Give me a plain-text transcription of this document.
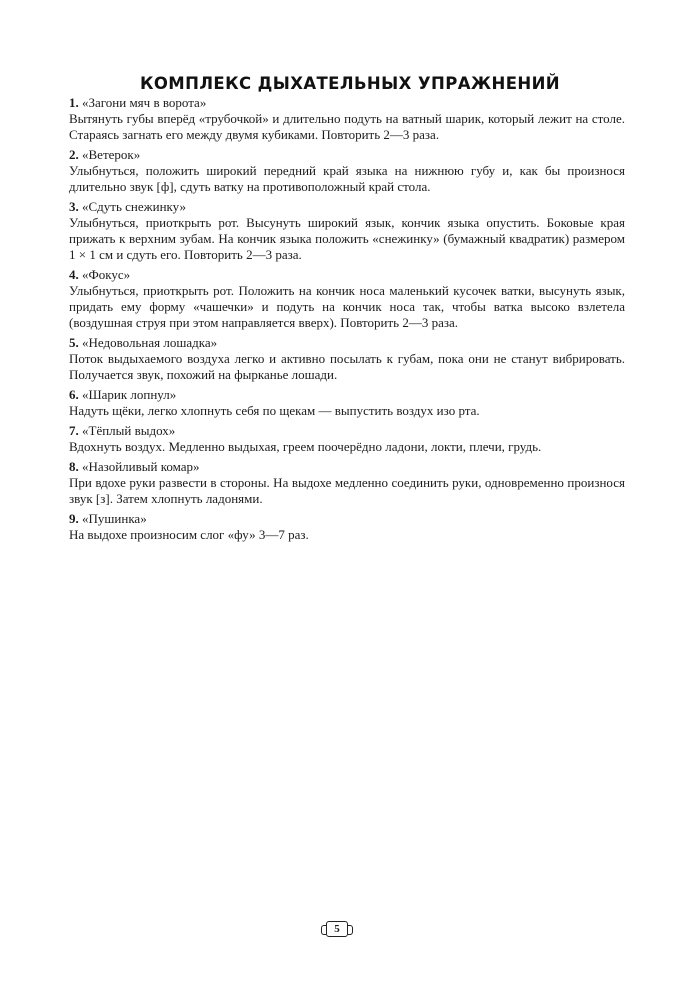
КОМПЛЕКС ДЫХАТЕЛЬНЫХ УПРАЖНЕНИЙ

1. «Загони мяч в ворота»

Вытянуть губы вперёд «трубочкой» и длительно подуть на ватный шарик, который лежит на столе. Стараясь загнать его между двумя кубиками. Повторить 2—3 раза.

2. «Ветерок»

Улыбнуться, положить широкий передний край языка на нижнюю губу и, как бы произнося длительно звук [ф], сдуть ватку на противоположный край стола.

3. «Сдуть снежинку»

Улыбнуться, приоткрыть рот. Высунуть широкий язык, кончик языка опустить. Боковые края прижать к верхним зубам. На кончик языка положить «снежинку» (бумажный квадратик) размером 1 × 1 см и сдуть его. Повторить 2—3 раза.

4. «Фокус»

Улыбнуться, приоткрыть рот. Положить на кончик носа маленький кусочек ватки, высунуть язык, придать ему форму «чашечки» и подуть на кончик носа так, чтобы ватка высоко взлетела (воздушная струя при этом направляется вверх). Повторить 2—3 раза.

5. «Недовольная лошадка»

Поток выдыхаемого воздуха легко и активно посылать к губам, пока они не станут вибрировать. Получается звук, похожий на фырканье лошади.

6. «Шарик лопнул»

Надуть щёки, легко хлопнуть себя по щекам — выпустить воздух изо рта.

7. «Тёплый выдох»

Вдохнуть воздух. Медленно выдыхая, греем поочерёдно ладони, локти, плечи, грудь.

8. «Назойливый комар»

При вдохе руки развести в стороны. На выдохе медленно соединить руки, одновременно произнося звук [з]. Затем хлопнуть ладонями.

9. «Пушинка»

На выдохе произносим слог «фу» 3—7 раз.

5
